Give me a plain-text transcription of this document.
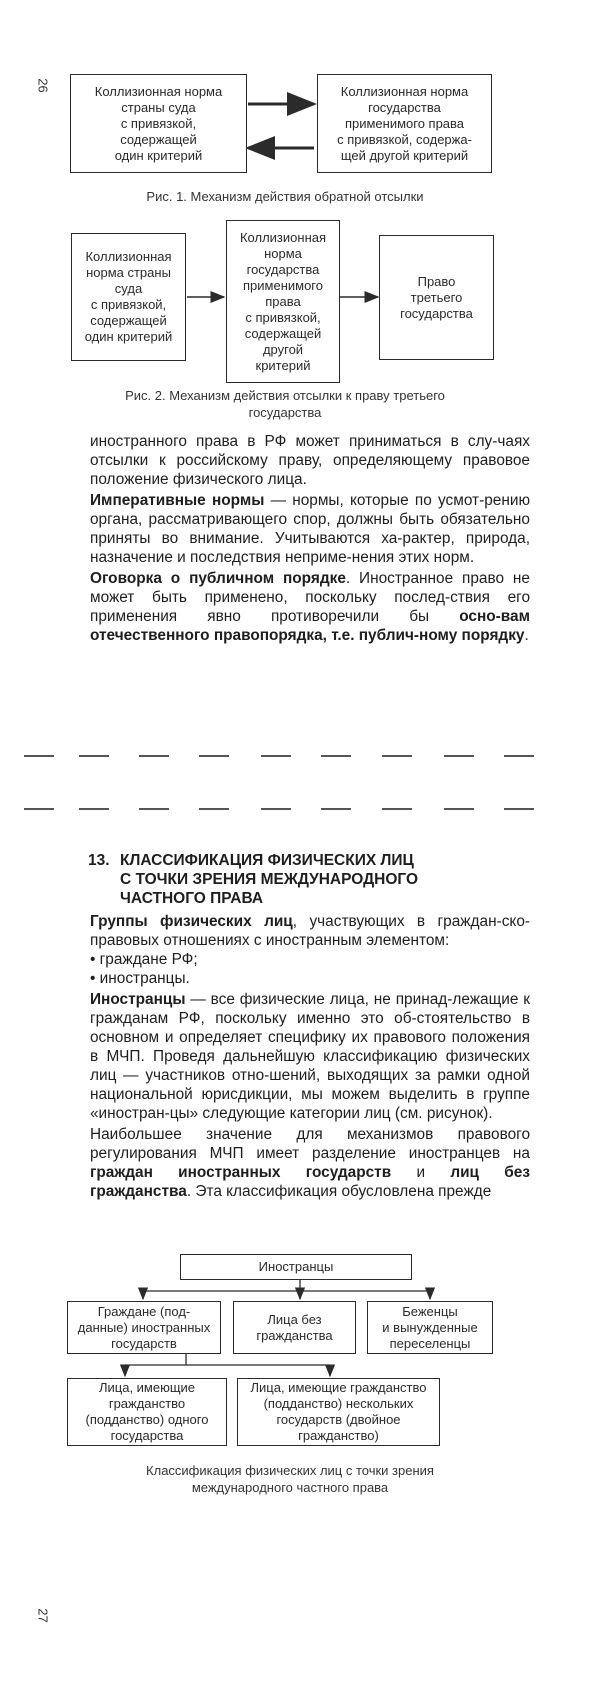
26
27
Коллизионная норма
страны суда
с привязкой,
содержащей
один критерий
Коллизионная норма
государства
применимого права
с привязкой, содержа-
щей другой критерий
Рис. 1. Механизм действия обратной отсылки
Коллизионная
норма страны
суда
с привязкой,
содержащей
один критерий
Коллизионная
норма
государства
применимого
права
с привязкой,
содержащей
другой
критерий
Право
третьего
государства
Рис. 2. Механизм действия отсылки к праву третьего
государства

иностранного права в РФ может приниматься в слу-чаях отсылки к российскому праву, определяющему правовое положение физического лица.

Императивные нормы — нормы, которые по усмот-рению органа, рассматривающего спор, должны быть обязательно приняты во внимание. Учитываются ха-рактер, природа, назначение и последствия неприме-нения этих норм.

Оговорка о публичном порядке. Иностранное право не может быть применено, поскольку послед-ствия его применения явно противоречили бы осно-вам отечественного правопорядка, т.е. публич-ному порядку.

13. КЛАССИФИКАЦИЯ ФИЗИЧЕСКИХ ЛИЦ
С ТОЧКИ ЗРЕНИЯ МЕЖДУНАРОДНОГО
ЧАСТНОГО ПРАВА

Группы физических лиц, участвующих в граждан-ско-правовых отношениях с иностранным элементом:

• граждане РФ;
• иностранцы.

Иностранцы — все физические лица, не принад-лежащие к гражданам РФ, поскольку именно это об-стоятельство в основном и определяет специфику их правового положения в МЧП. Проведя дальнейшую классификацию физических лиц — участников отно-шений, выходящих за рамки одной национальной юрисдикции, мы можем выделить в группе «иностран-цы» следующие категории лиц (см. рисунок).

Наибольшее значение для механизмов правового регулирования МЧП имеет разделение иностранцев на граждан иностранных государств и лиц без гражданства. Эта классификация обусловлена прежде

Иностранцы
Граждане (под-
данные) иностранных
государств
Лица без
гражданства
Беженцы
и вынужденные
переселенцы
Лица, имеющие
гражданство
(подданство) одного
государства
Лица, имеющие гражданство
(подданство) нескольких
государств (двойное
гражданство)
Классификация физических лиц с точки зрения
международного частного права
